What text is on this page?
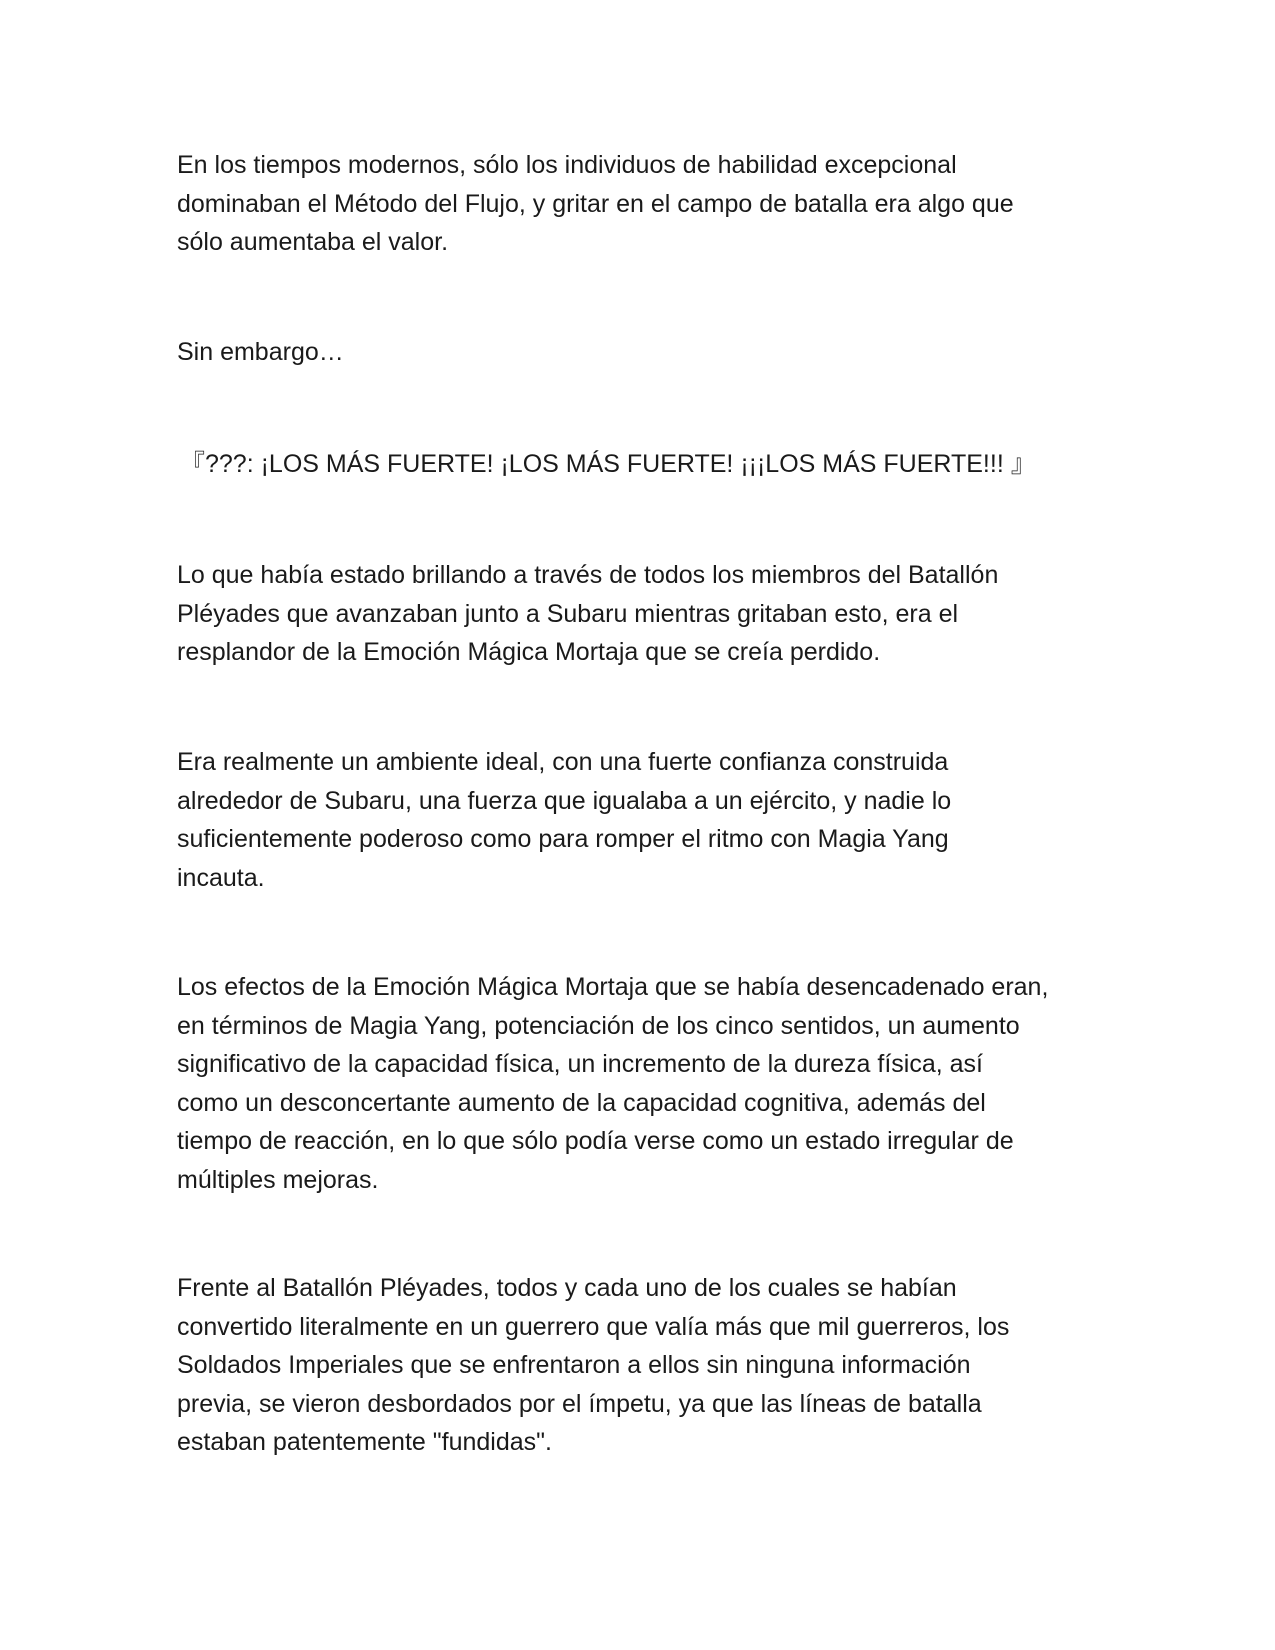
En los tiempos modernos, sólo los individuos de habilidad excepcional
dominaban el Método del Flujo, y gritar en el campo de batalla era algo que
sólo aumentaba el valor.

Sin embargo…

『???: ¡LOS MÁS FUERTE! ¡LOS MÁS FUERTE! ¡¡¡LOS MÁS FUERTE!!! 』

Lo que había estado brillando a través de todos los miembros del Batallón
Pléyades que avanzaban junto a Subaru mientras gritaban esto, era el
resplandor de la Emoción Mágica Mortaja que se creía perdido.

Era realmente un ambiente ideal, con una fuerte confianza construida
alrededor de Subaru, una fuerza que igualaba a un ejército, y nadie lo
suficientemente poderoso como para romper el ritmo con Magia Yang
incauta.

Los efectos de la Emoción Mágica Mortaja que se había desencadenado eran,
en términos de Magia Yang, potenciación de los cinco sentidos, un aumento
significativo de la capacidad física, un incremento de la dureza física, así
como un desconcertante aumento de la capacidad cognitiva, además del
tiempo de reacción, en lo que sólo podía verse como un estado irregular de
múltiples mejoras.

Frente al Batallón Pléyades, todos y cada uno de los cuales se habían
convertido literalmente en un guerrero que valía más que mil guerreros, los
Soldados Imperiales que se enfrentaron a ellos sin ninguna información
previa, se vieron desbordados por el ímpetu, ya que las líneas de batalla
estaban patentemente "fundidas".
